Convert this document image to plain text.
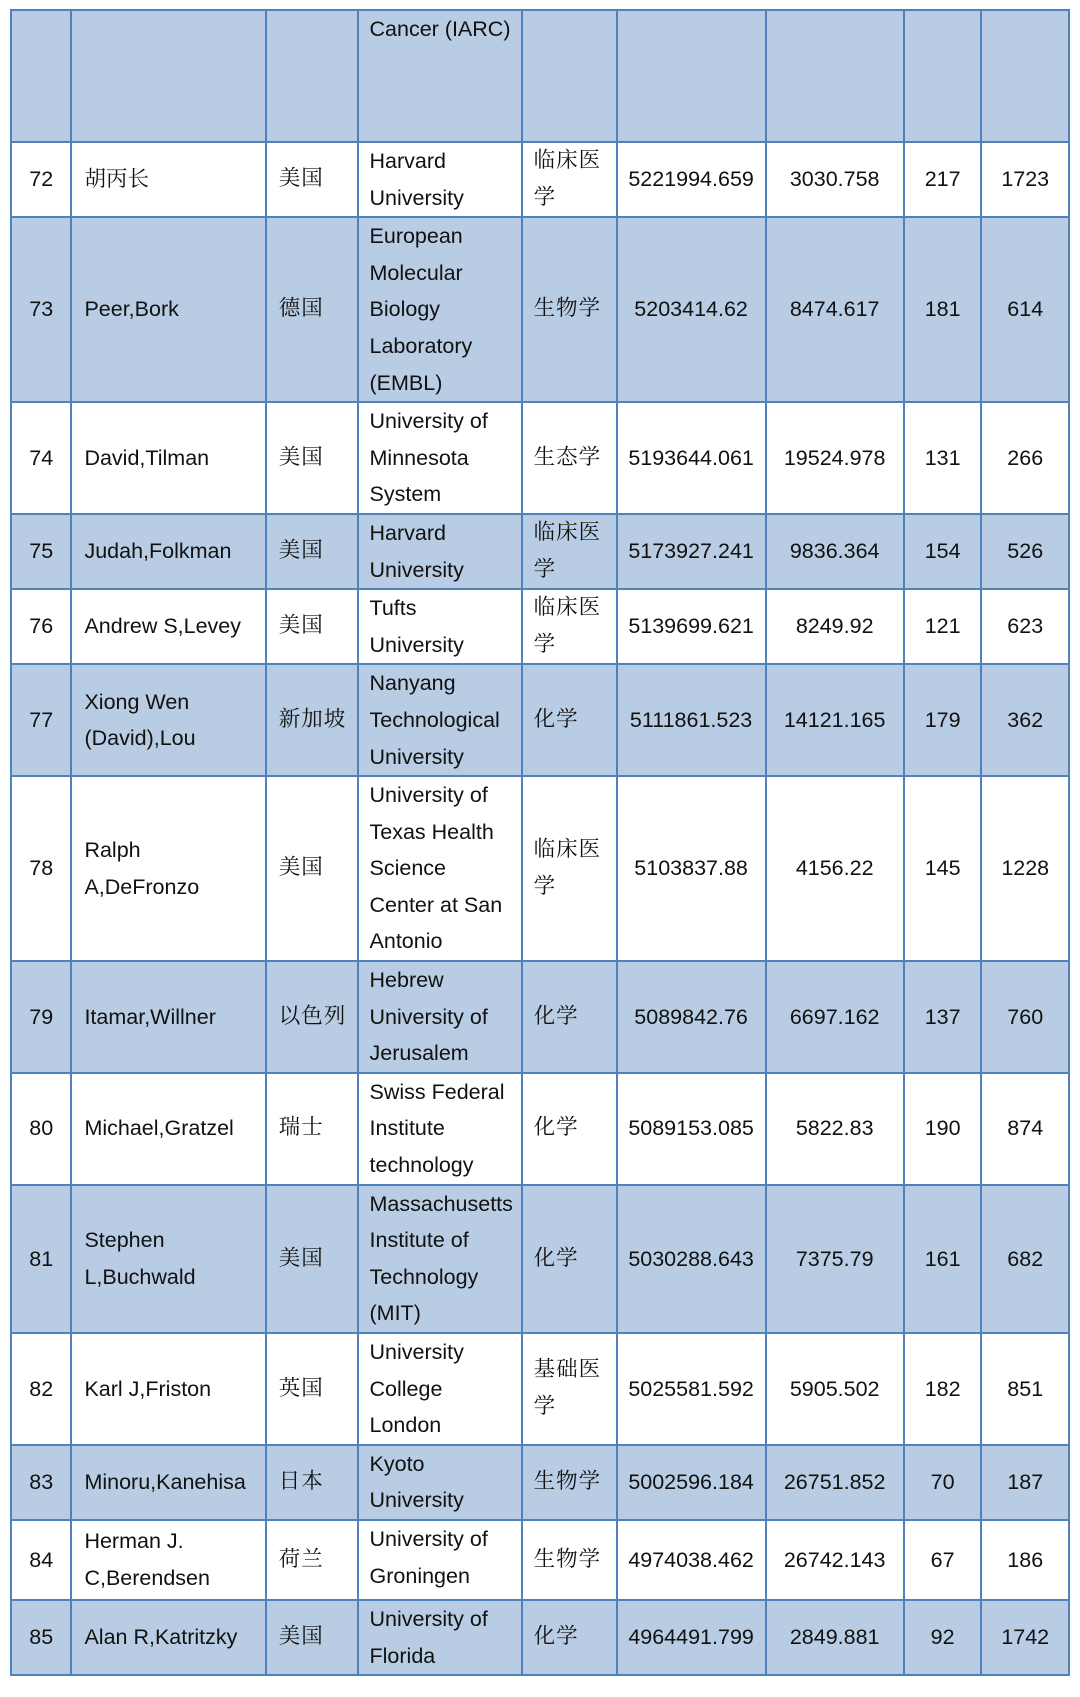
			Cancer (IARC)					
72	胡丙长	美国	Harvard University	临床医学	5221994.659	3030.758	217	1723
73	Peer,Bork	德国	European Molecular Biology Laboratory (EMBL)	生物学	5203414.62	8474.617	181	614
74	David,Tilman	美国	University of Minnesota System	生态学	5193644.061	19524.978	131	266
75	Judah,Folkman	美国	Harvard University	临床医学	5173927.241	9836.364	154	526
76	Andrew S,Levey	美国	Tufts University	临床医学	5139699.621	8249.92	121	623
77	Xiong Wen (David),Lou	新加坡	Nanyang Technological University	化学	5111861.523	14121.165	179	362
78	Ralph A,DeFronzo	美国	University of Texas Health Science Center at San Antonio	临床医学	5103837.88	4156.22	145	1228
79	Itamar,Willner	以色列	Hebrew University of Jerusalem	化学	5089842.76	6697.162	137	760
80	Michael,Gratzel	瑞士	Swiss Federal Institute technology	化学	5089153.085	5822.83	190	874
81	Stephen L,Buchwald	美国	Massachusetts Institute of Technology (MIT)	化学	5030288.643	7375.79	161	682
82	Karl J,Friston	英国	University College London	基础医学	5025581.592	5905.502	182	851
83	Minoru,Kanehisa	日本	Kyoto University	生物学	5002596.184	26751.852	70	187
84	Herman J. C,Berendsen	荷兰	University of Groningen	生物学	4974038.462	26742.143	67	186
85	Alan R,Katritzky	美国	University of Florida	化学	4964491.799	2849.881	92	1742
